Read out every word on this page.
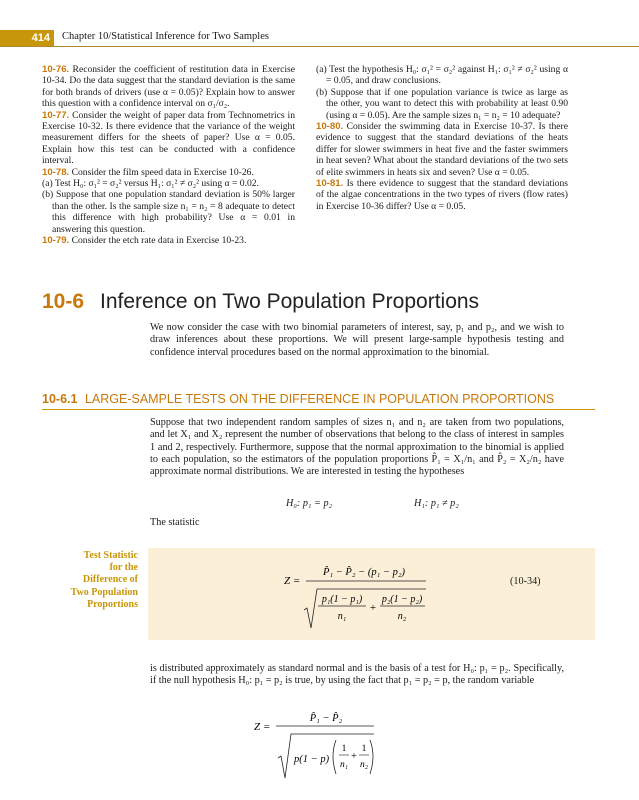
414	Chapter 10/Statistical Inference for Two Samples

10-76. Reconsider the coefficient of restitution data in Exercise 10-34. Do the data suggest that the standard deviation is the same for both brands of drivers (use α = 0.05)? Explain how to answer this question with a confidence interval on σ₁/σ₂.

10-77. Consider the weight of paper data from Technometrics in Exercise 10-32. Is there evidence that the variance of the weight measurement differs for the sheets of paper? Use α = 0.05. Explain how this test can be conducted with a confidence interval.

10-78. Consider the film speed data in Exercise 10-26.

(a) Test H₀: σ₁² = σ₂² versus H₁: σ₁² ≠ σ₂² using α = 0.02.

(b) Suppose that one population standard deviation is 50% larger than the other. Is the sample size n₁ = n₂ = 8 adequate to detect this difference with high probability? Use α = 0.01 in answering this question.

10-79. Consider the etch rate data in Exercise 10-23.

(a) Test the hypothesis H₀: σ₁² = σ₂² against H₁: σ₁² ≠ σ₂² using α = 0.05, and draw conclusions.

(b) Suppose that if one population variance is twice as large as the other, you want to detect this with probability at least 0.90 (using α = 0.05). Are the sample sizes n₁ = n₂ = 10 adequate?

10-80. Consider the swimming data in Exercise 10-37. Is there evidence to suggest that the standard deviations of the heats differ for slower swimmers in heat five and the faster swimmers in heat seven? What about the standard deviations of the two sets of elite swimmers in heats six and seven? Use α = 0.05.

10-81. Is there evidence to suggest that the standard deviations of the algae concentrations in the two types of rivers (flow rates) in Exercise 10-36 differ? Use α = 0.05.

10-6 Inference on Two Population Proportions

We now consider the case with two binomial parameters of interest, say, p₁ and p₂, and we wish to draw inferences about these proportions. We will present large-sample hypothesis testing and confidence interval procedures based on the normal approximation to the binomial.

10-6.1 LARGE-SAMPLE TESTS ON THE DIFFERENCE IN POPULATION PROPORTIONS

Suppose that two independent random samples of sizes n₁ and n₂ are taken from two populations, and let X₁ and X₂ represent the number of observations that belong to the class of interest in samples 1 and 2, respectively. Furthermore, suppose that the normal approximation to the binomial is applied to each population, so the estimators of the population proportions P̂₁ = X₁/n₁ and P̂₂ = X₂/n₂ have approximate normal distributions. We are interested in testing the hypotheses

H₀: p₁ = p₂	H₁: p₁ ≠ p₂
The statistic
Test Statistic
for the
Difference of
Two Population
Proportions
Z =
P̂₁ − P̂₂ − (p₁ − p₂)
p₁(1 − p₁)
n₁
+
p₂(1 − p₂)
n₂
(10-34)

is distributed approximately as standard normal and is the basis of a test for H₀: p₁ = p₂. Specifically, if the null hypothesis H₀: p₁ = p₂ is true, by using the fact that p₁ = p₂ = p, the random variable

Z =
P̂₁ − P̂₂
p(1 − p)
1
n₁
+
1
n₂
